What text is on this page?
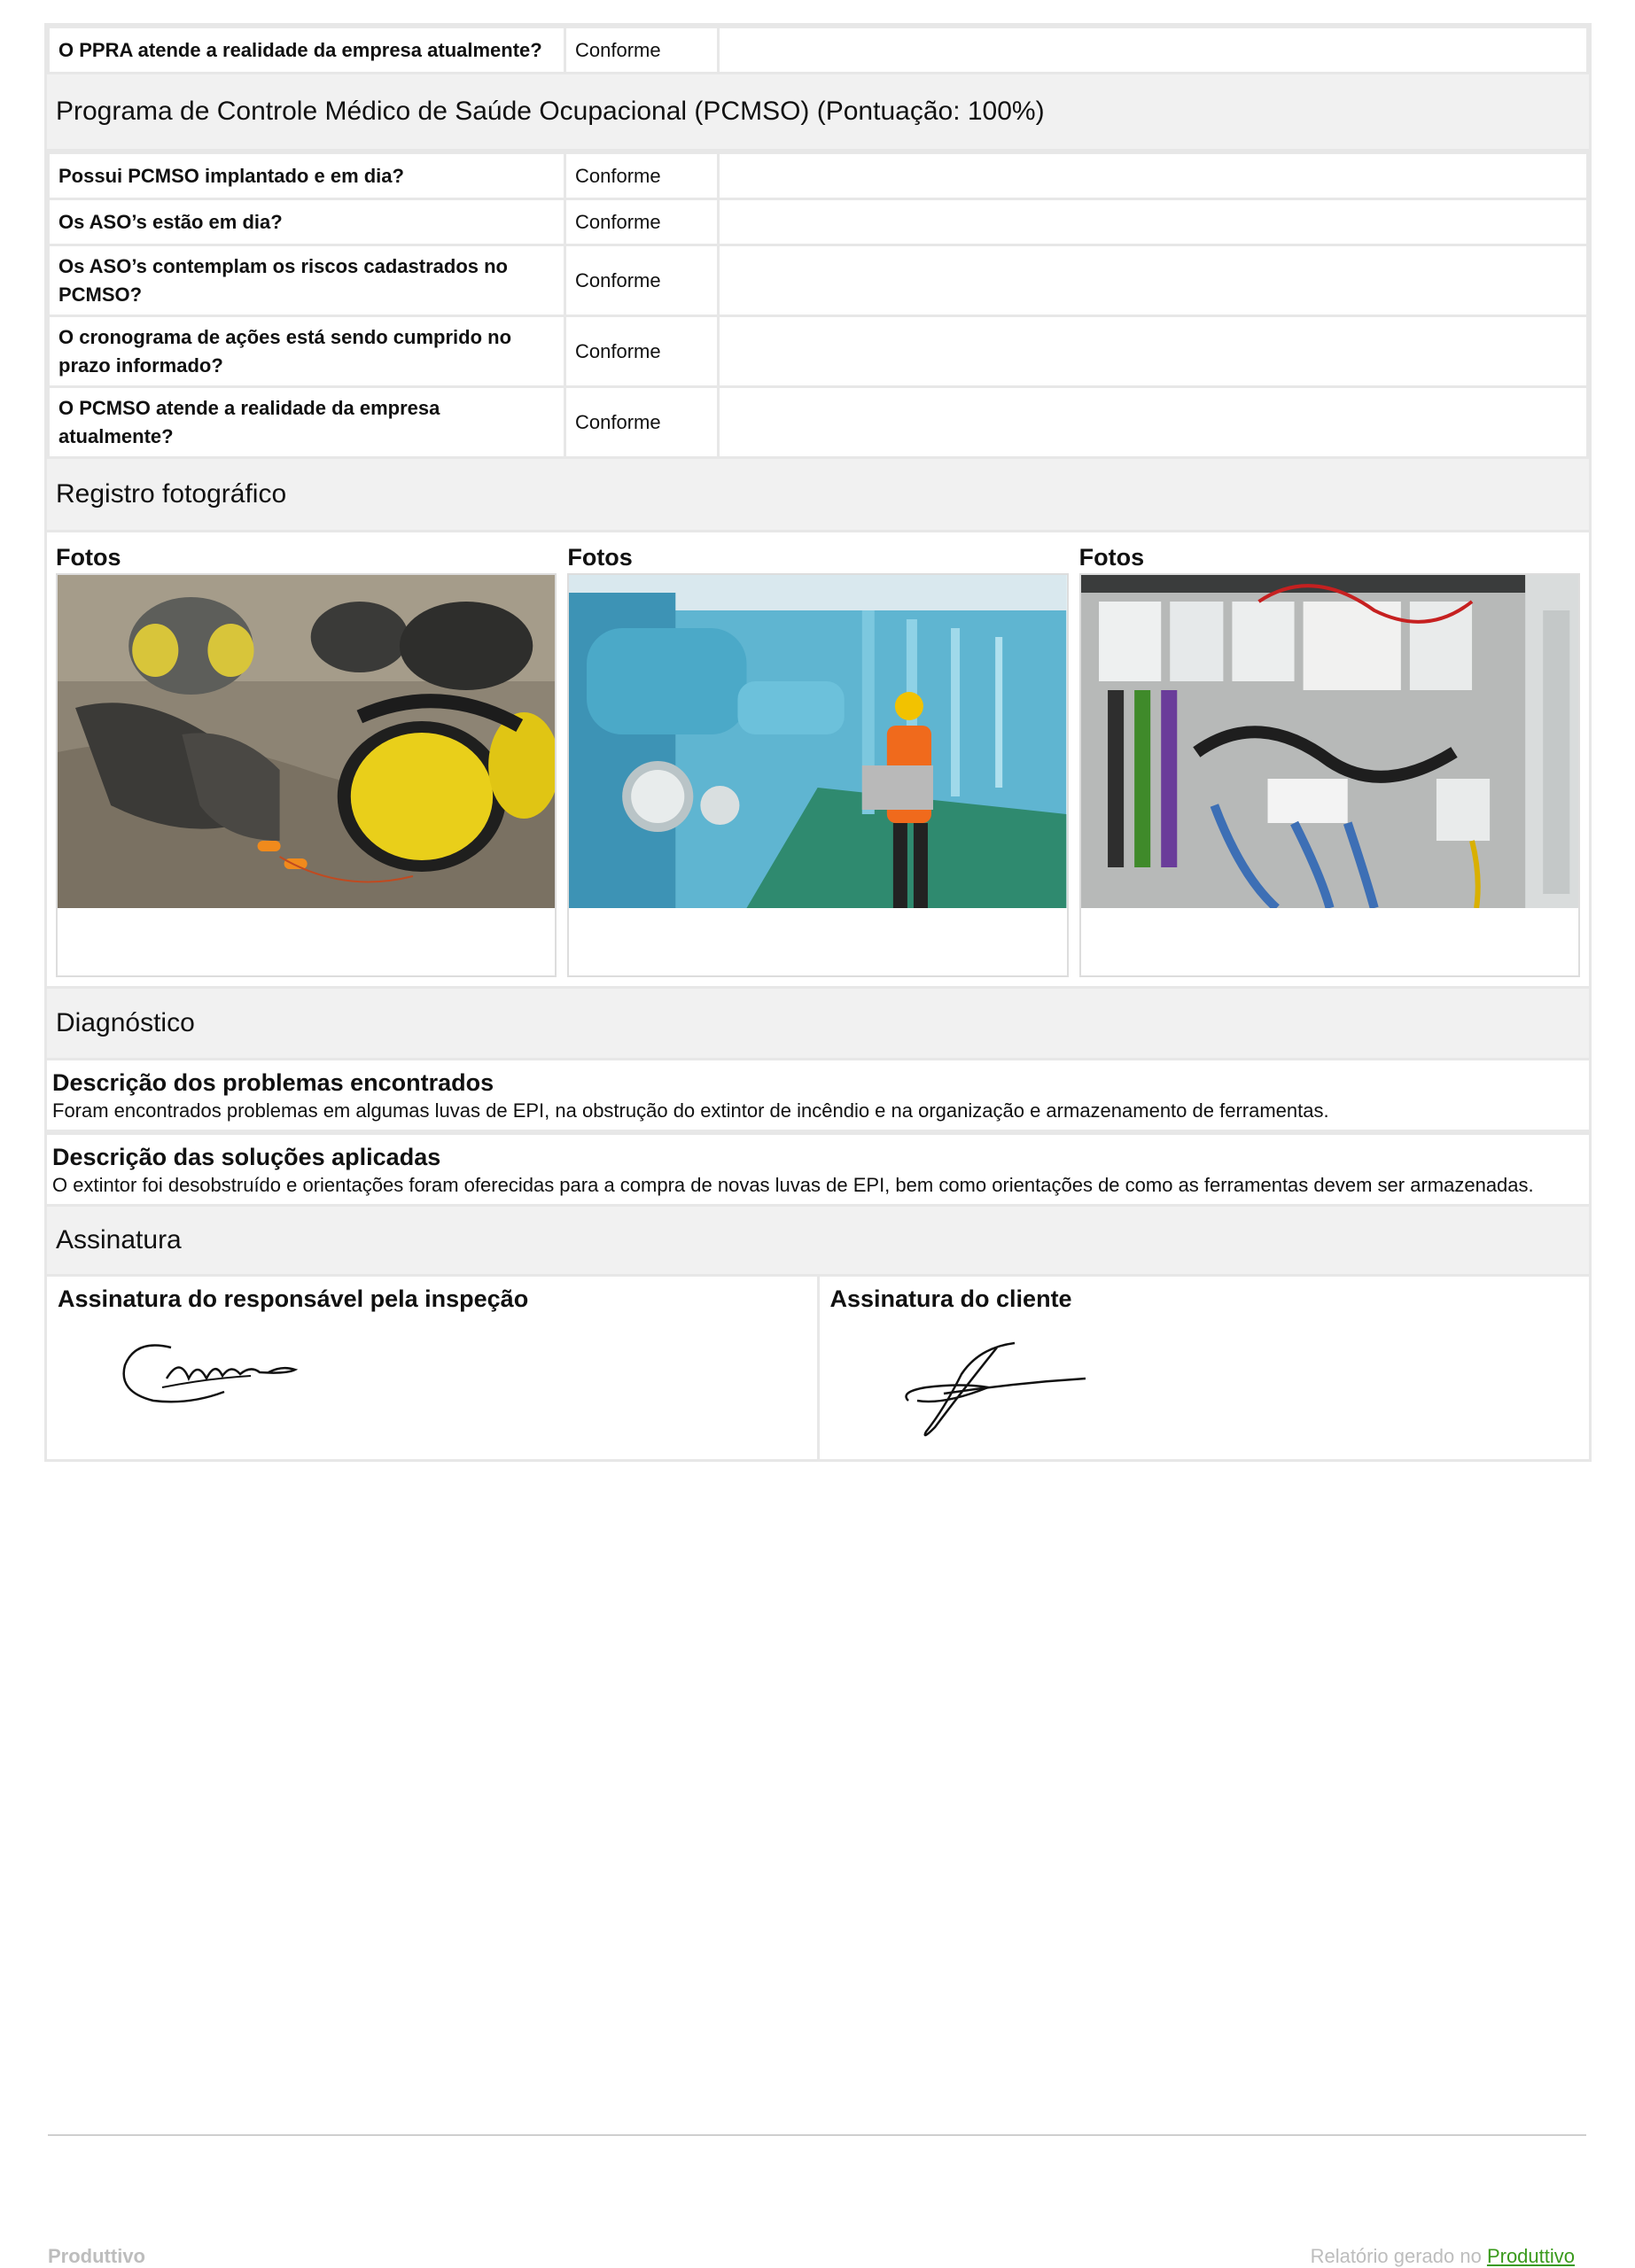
O PPRA atende a realidade da empresa atualmente?	Conforme	
Programa de Controle Médico de Saúde Ocupacional (PCMSO) (Pontuação: 100%)
Possui PCMSO implantado e em dia?	Conforme	
Os ASO’s estão em dia?	Conforme	
Os ASO’s contemplam os riscos cadastrados no PCMSO?	Conforme	
O cronograma de ações está sendo cumprido no prazo informado?	Conforme	
O PCMSO atende a realidade da empresa atualmente?	Conforme	
Registro fotográfico
Fotos	Fotos	Fotos
Diagnóstico
Descrição dos problemas encontrados
Foram encontrados problemas em algumas luvas de EPI, na obstrução do extintor de incêndio e na organização e armazenamento de ferramentas.
Descrição das soluções aplicadas
O extintor foi desobstruído e orientações foram oferecidas para a compra de novas luvas de EPI, bem como orientações de como as ferramentas devem ser armazenadas.
Assinatura
Assinatura do responsável pela inspeção	Assinatura do cliente
Produttivo	Relatório gerado no Produttivo
